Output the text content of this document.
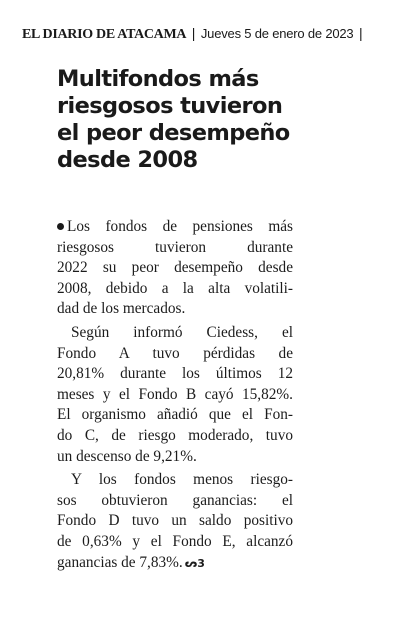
EL DIARIO DE ATACAMA | Jueves 5 de enero de 2023 |
Multifondos más
riesgosos tuvieron
el peor desempeño
desde 2008

Los fondos de pensiones más
riesgosos tuvieron durante
2022 su peor desempeño desde
2008, debido a la alta volatili-
dad de los mercados.

Según informó Ciedess, el
Fondo A tuvo pérdidas de
20,81% durante los últimos 12
meses y el Fondo B cayó 15,82%.
El organismo añadió que el Fon-
do C, de riesgo moderado, tuvo
un descenso de 9,21%.

Y los fondos menos riesgo-
sos obtuvieron ganancias: el
Fondo D tuvo un saldo positivo
de 0,63% y el Fondo E, alcanzó
ganancias de 7,83%. ᔕ3
